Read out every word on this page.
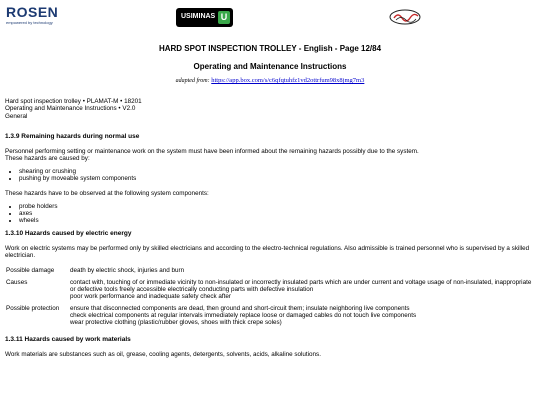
ROSEN
empowered by technology
USIMINAS U
HARD SPOT INSPECTION TROLLEY - English - Page 12/84
Operating and Maintenance Instructions
adapted from: https://app.box.com/s/c6qfqtuhfz1vd2ottrfum98x8jmg7m3

Hard spot inspection trolley • PLAMAT-M • 18201

Operating and Maintenance Instructions • V2.0

General

1.3.9 Remaining hazards during normal use

Personnel performing setting or maintenance work on the system must have been informed about the remaining hazards possibly due to the system.

These hazards are caused by:

• shearing or crushing
• pushing by moveable system components

These hazards have to be observed at the following system components:

• probe holders
• axes
• wheels
1.3.10 Hazards caused by electric energy

Work on electric systems may be performed only by skilled electricians and according to the electro-technical regulations. Also admissible is trained personnel who is supervised by a skilled electrician.

Possible damage	death by electric shock, injuries and burn

Causes	contact with, touching of or immediate vicinity to non-insulated or incorrectly insulated parts which are under current and voltage usage of non-insulated, inappropriate or defective tools freely accessible electrically conducting parts with defective insulation
poor work performance and inadequate safety check after

Possible protection	ensure that disconnected components are dead, then ground and short-circuit them; insulate neighboring live components
check electrical components at regular intervals immediately replace loose or damaged cables do not touch live components
wear protective clothing (plastic/rubber gloves, shoes with thick crepe soles)
1.3.11 Hazards caused by work materials

Work materials are substances such as oil, grease, cooling agents, detergents, solvents, acids, alkaline solutions.
